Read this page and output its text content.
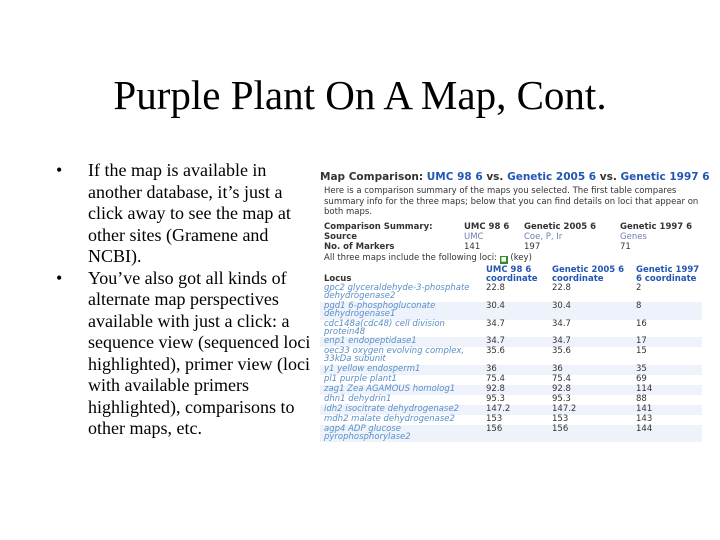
Purple Plant On A Map, Cont.
• If the map is available in another database, it’s just a click away to see the map at other sites (Gramene and NCBI).
• You’ve also got all kinds of alternate map perspectives available with just a click: a sequence view (sequenced loci highlighted), primer view (loci with available primers highlighted), comparisons to other maps, etc.
Map Comparison: UMC 98 6 vs. Genetic 2005 6 vs. Genetic 1997 6
Here is a comparison summary of the maps you selected. The first table compares summary info for the three maps; below that you can find details on loci that appear on both maps.
Comparison Summary:	UMC 98 6	Genetic 2005 6	Genetic 1997 6
Source	UMC	Coe, P, Ir	Genes
No. of Markers	141	197	71
All three maps include the following loci: ■ (key)
Locus	UMC 98 6 coordinate	Genetic 2005 6 coordinate	Genetic 1997 6 coordinate
gpc2 glyceraldehyde-3-phosphate dehydrogenase2	22.8	22.8	2
pgd1 6-phosphogluconate dehydrogenase1	30.4	30.4	8
cdc148a(cdc48) cell division protein48	34.7	34.7	16
enp1 endopeptidase1	34.7	34.7	17
oec33 oxygen evolving complex, 33kDa subunit	35.6	35.6	15
y1 yellow endosperm1	36	36	35
pl1 purple plant1	75.4	75.4	69
zag1 Zea AGAMOUS homolog1	92.8	92.8	114
dhn1 dehydrin1	95.3	95.3	88
idh2 isocitrate dehydrogenase2	147.2	147.2	141
mdh2 malate dehydrogenase2	153	153	143
agp4 ADP glucose pyrophosphorylase2	156	156	144
